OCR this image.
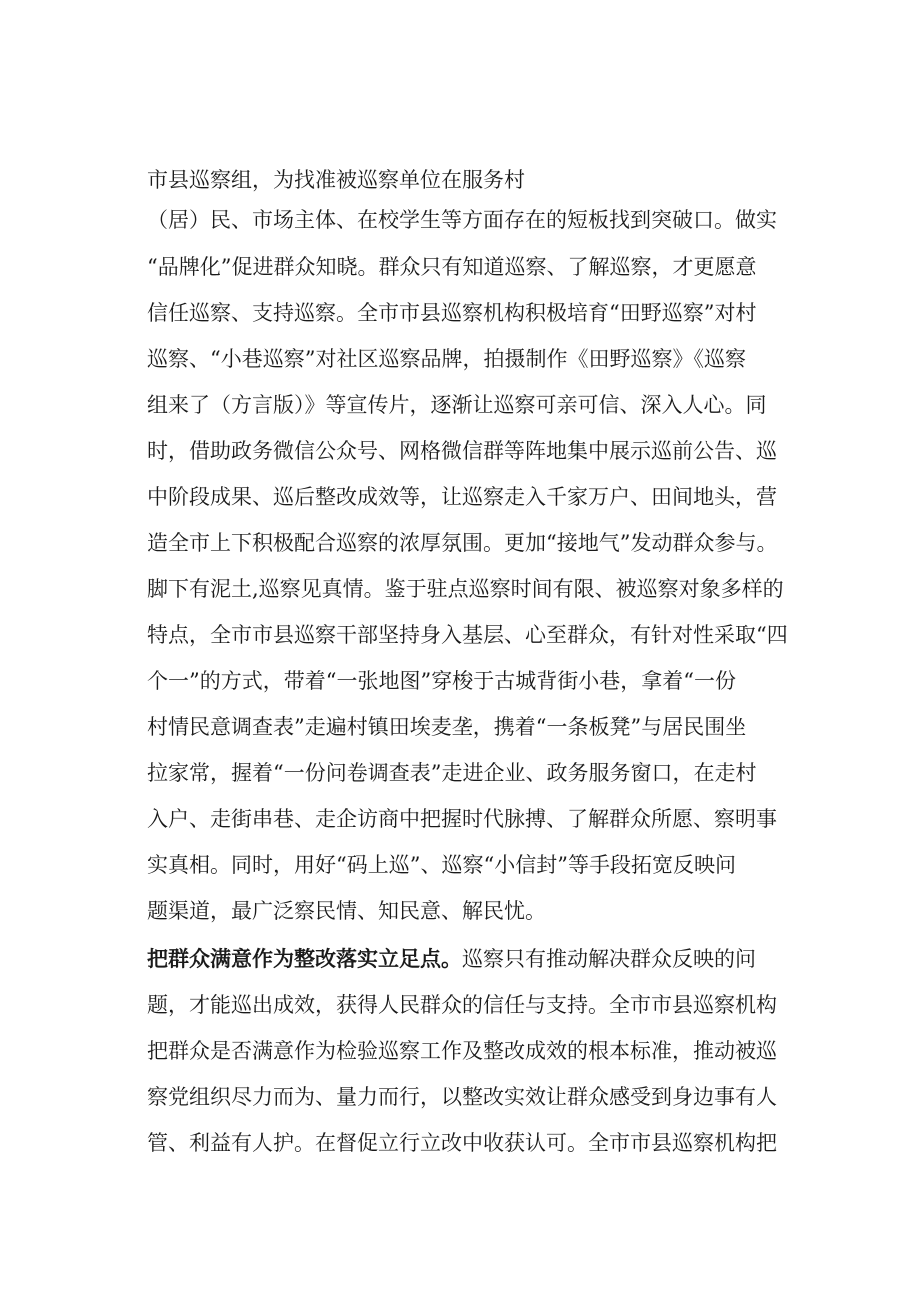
市县巡察组，为找准被巡察单位在服务村
（居）民、市场主体、在校学生等方面存在的短板找到突破口。做实
“品牌化”促进群众知晓。群众只有知道巡察、了解巡察，才更愿意
信任巡察、支持巡察。全市市县巡察机构积极培育“田野巡察”对村
巡察、“小巷巡察”对社区巡察品牌，拍摄制作《田野巡察》《巡察
组来了（方言版）》等宣传片，逐渐让巡察可亲可信、深入人心。同
时，借助政务微信公众号、网格微信群等阵地集中展示巡前公告、巡
中阶段成果、巡后整改成效等，让巡察走入千家万户、田间地头，营
造全市上下积极配合巡察的浓厚氛围。更加“接地气”发动群众参与。
脚下有泥土,巡察见真情。鉴于驻点巡察时间有限、被巡察对象多样的
特点，全市市县巡察干部坚持身入基层、心至群众，有针对性采取“四
个一”的方式，带着“一张地图”穿梭于古城背街小巷，拿着“一份
村情民意调查表”走遍村镇田埃麦垄，携着“一条板凳”与居民围坐
拉家常，握着“一份问卷调查表”走进企业、政务服务窗口，在走村
入户、走街串巷、走企访商中把握时代脉搏、了解群众所愿、察明事
实真相。同时，用好“码上巡”、巡察“小信封”等手段拓宽反映问
题渠道，最广泛察民情、知民意、解民忧。
把群众满意作为整改落实立足点。巡察只有推动解决群众反映的问
题，才能巡出成效，获得人民群众的信任与支持。全市市县巡察机构
把群众是否满意作为检验巡察工作及整改成效的根本标准，推动被巡
察党组织尽力而为、量力而行，以整改实效让群众感受到身边事有人
管、利益有人护。在督促立行立改中收获认可。全市市县巡察机构把
